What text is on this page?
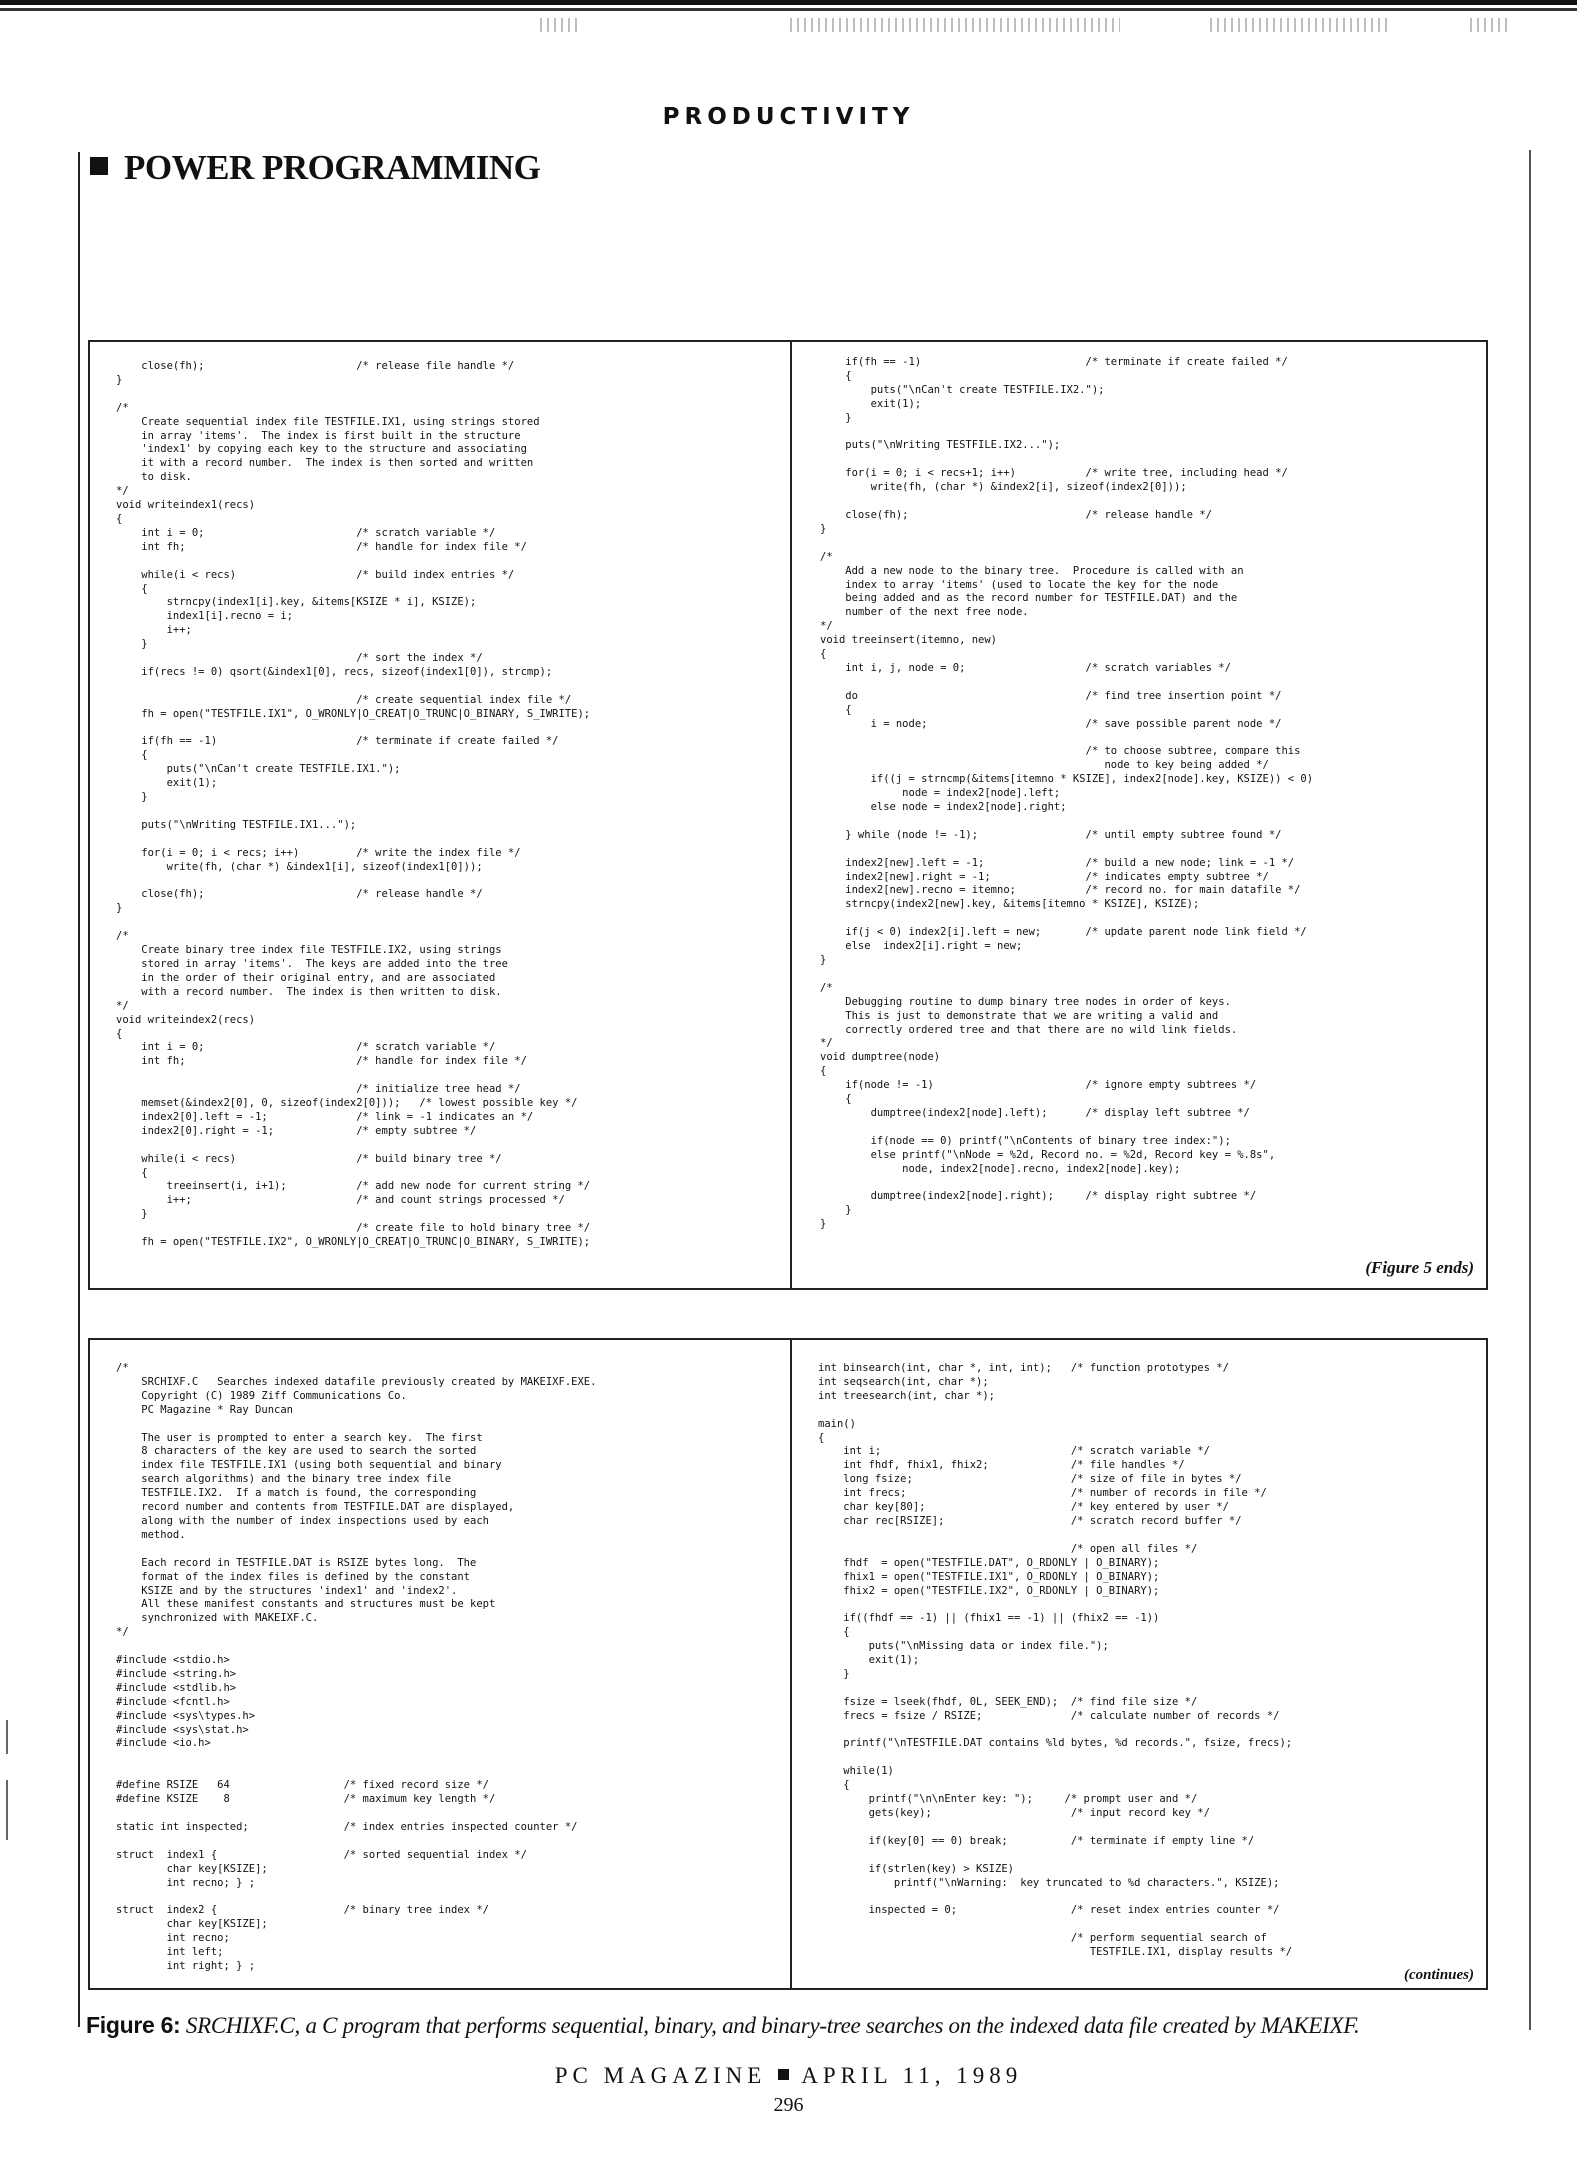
PRODUCTIVITY
POWER PROGRAMMING
close(fh);                        /* release file handle */
}

/*
Create sequential index file TESTFILE.IX1, using strings stored
in array 'items'.  The index is first built in the structure
'index1' by copying each key to the structure and associating
it with a record number.  The index is then sorted and written
to disk.
*/
void writeindex1(recs)
{
int i = 0;                        /* scratch variable */
int fh;                           /* handle for index file */

while(i < recs)                   /* build index entries */
{
strncpy(index1[i].key, &items[KSIZE * i], KSIZE);
index1[i].recno = i;
i++;
}
/* sort the index */
if(recs != 0) qsort(&index1[0], recs, sizeof(index1[0]), strcmp);

/* create sequential index file */
fh = open("TESTFILE.IX1", O_WRONLY|O_CREAT|O_TRUNC|O_BINARY, S_IWRITE);

if(fh == -1)                      /* terminate if create failed */
{
puts("\nCan't create TESTFILE.IX1.");
exit(1);
}

puts("\nWriting TESTFILE.IX1...");

for(i = 0; i < recs; i++)         /* write the index file */
write(fh, (char *) &index1[i], sizeof(index1[0]));

close(fh);                        /* release handle */
}

/*
Create binary tree index file TESTFILE.IX2, using strings
stored in array 'items'.  The keys are added into the tree
in the order of their original entry, and are associated
with a record number.  The index is then written to disk.
*/
void writeindex2(recs)
{
int i = 0;                        /* scratch variable */
int fh;                           /* handle for index file */

/* initialize tree head */
memset(&index2[0], 0, sizeof(index2[0]));   /* lowest possible key */
index2[0].left = -1;              /* link = -1 indicates an */
index2[0].right = -1;             /* empty subtree */

while(i < recs)                   /* build binary tree */
{
treeinsert(i, i+1);           /* add new node for current string */
i++;                          /* and count strings processed */
}
/* create file to hold binary tree */
fh = open("TESTFILE.IX2", O_WRONLY|O_CREAT|O_TRUNC|O_BINARY, S_IWRITE);
if(fh == -1)                          /* terminate if create failed */
{
puts("\nCan't create TESTFILE.IX2.");
exit(1);
}

puts("\nWriting TESTFILE.IX2...");

for(i = 0; i < recs+1; i++)           /* write tree, including head */
write(fh, (char *) &index2[i], sizeof(index2[0]));

close(fh);                            /* release handle */
}

/*
Add a new node to the binary tree.  Procedure is called with an
index to array 'items' (used to locate the key for the node
being added and as the record number for TESTFILE.DAT) and the
number of the next free node.
*/
void treeinsert(itemno, new)
{
int i, j, node = 0;                   /* scratch variables */

do                                    /* find tree insertion point */
{
i = node;                         /* save possible parent node */

/* to choose subtree, compare this
node to key being added */
if((j = strncmp(&items[itemno * KSIZE], index2[node].key, KSIZE)) < 0)
node = index2[node].left;
else node = index2[node].right;

} while (node != -1);                 /* until empty subtree found */

index2[new].left = -1;                /* build a new node; link = -1 */
index2[new].right = -1;               /* indicates empty subtree */
index2[new].recno = itemno;           /* record no. for main datafile */
strncpy(index2[new].key, &items[itemno * KSIZE], KSIZE);

if(j < 0) index2[i].left = new;       /* update parent node link field */
else  index2[i].right = new;
}

/*
Debugging routine to dump binary tree nodes in order of keys.
This is just to demonstrate that we are writing a valid and
correctly ordered tree and that there are no wild link fields.
*/
void dumptree(node)
{
if(node != -1)                        /* ignore empty subtrees */
{
dumptree(index2[node].left);      /* display left subtree */

if(node == 0) printf("\nContents of binary tree index:");
else printf("\nNode = %2d, Record no. = %2d, Record key = %.8s",
node, index2[node].recno, index2[node].key);

dumptree(index2[node].right);     /* display right subtree */
}
}
(Figure 5 ends)
/*
SRCHIXF.C   Searches indexed datafile previously created by MAKEIXF.EXE.
Copyright (C) 1989 Ziff Communications Co.
PC Magazine * Ray Duncan

The user is prompted to enter a search key.  The first
8 characters of the key are used to search the sorted
index file TESTFILE.IX1 (using both sequential and binary
search algorithms) and the binary tree index file
TESTFILE.IX2.  If a match is found, the corresponding
record number and contents from TESTFILE.DAT are displayed,
along with the number of index inspections used by each
method.

Each record in TESTFILE.DAT is RSIZE bytes long.  The
format of the index files is defined by the constant
KSIZE and by the structures 'index1' and 'index2'.
All these manifest constants and structures must be kept
synchronized with MAKEIXF.C.
*/

#include <stdio.h>
#include <string.h>
#include <stdlib.h>
#include <fcntl.h>
#include <sys\types.h>
#include <sys\stat.h>
#include <io.h>

#define RSIZE   64                  /* fixed record size */
#define KSIZE    8                  /* maximum key length */

static int inspected;               /* index entries inspected counter */

struct  index1 {                    /* sorted sequential index */
char key[KSIZE];
int recno; } ;

struct  index2 {                    /* binary tree index */
char key[KSIZE];
int recno;
int left;
int right; } ;
int binsearch(int, char *, int, int);   /* function prototypes */
int seqsearch(int, char *);
int treesearch(int, char *);

main()
{
int i;                              /* scratch variable */
int fhdf, fhix1, fhix2;             /* file handles */
long fsize;                         /* size of file in bytes */
int frecs;                          /* number of records in file */
char key[80];                       /* key entered by user */
char rec[RSIZE];                    /* scratch record buffer */

/* open all files */
fhdf  = open("TESTFILE.DAT", O_RDONLY | O_BINARY);
fhix1 = open("TESTFILE.IX1", O_RDONLY | O_BINARY);
fhix2 = open("TESTFILE.IX2", O_RDONLY | O_BINARY);

if((fhdf == -1) || (fhix1 == -1) || (fhix2 == -1))
{
puts("\nMissing data or index file.");
exit(1);
}

fsize = lseek(fhdf, 0L, SEEK_END);  /* find file size */
frecs = fsize / RSIZE;              /* calculate number of records */

printf("\nTESTFILE.DAT contains %ld bytes, %d records.", fsize, frecs);

while(1)
{
printf("\n\nEnter key: ");     /* prompt user and */
gets(key);                      /* input record key */

if(key[0] == 0) break;          /* terminate if empty line */

if(strlen(key) > KSIZE)
printf("\nWarning:  key truncated to %d characters.", KSIZE);

inspected = 0;                  /* reset index entries counter */

/* perform sequential search of
TESTFILE.IX1, display results */
(continues)

Figure 6: SRCHIXF.C, a C program that performs sequential, binary, and binary-tree searches on the indexed data file created by MAKEIXF.

PC MAGAZINE APRIL 11, 1989
296
